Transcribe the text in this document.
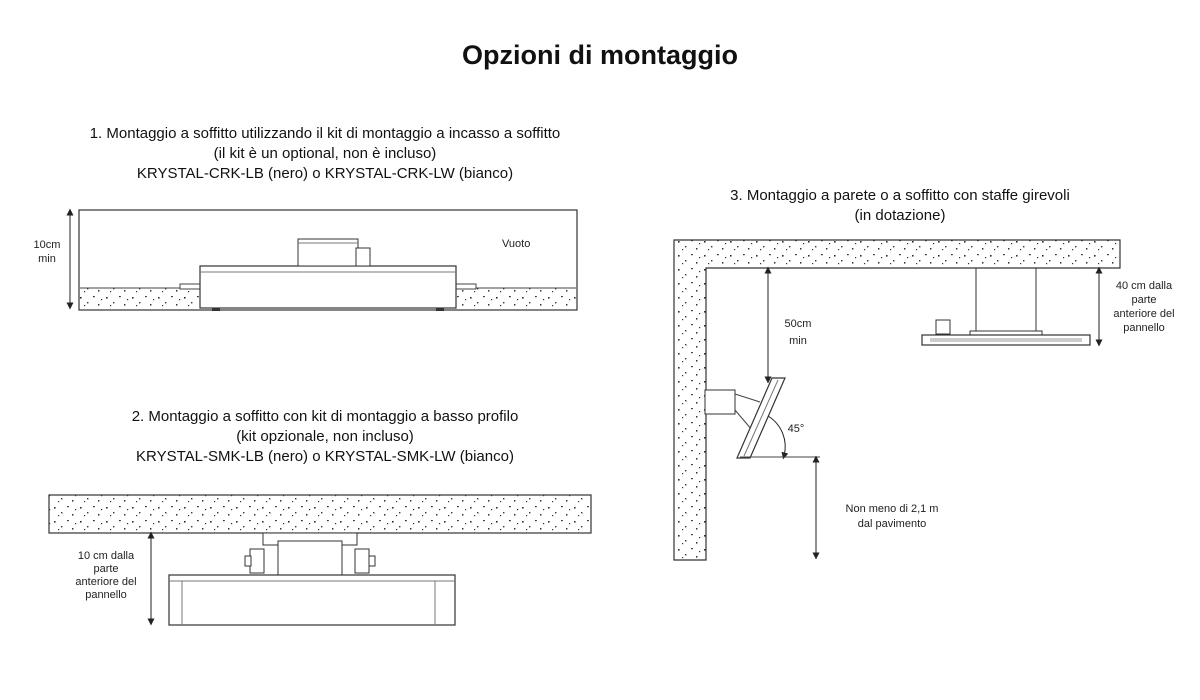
Opzioni di montaggio
1. Montaggio a soffitto utilizzando il kit di montaggio a incasso a soffitto
(il kit è un optional, non è incluso)
KRYSTAL-CRK-LB (nero) o KRYSTAL-CRK-LW (bianco)
2. Montaggio a soffitto con kit di montaggio a basso profilo
(kit opzionale, non incluso)
KRYSTAL-SMK-LB (nero) o KRYSTAL-SMK-LW (bianco)
3. Montaggio a parete o a soffitto con staffe girevoli
(in dotazione)
10cm
min
Vuoto
10 cm dalla
parte
anteriore del
pannello
50cm
min
45°
Non meno di 2,1 m
dal pavimento
40 cm dalla
parte
anteriore del
pannello
